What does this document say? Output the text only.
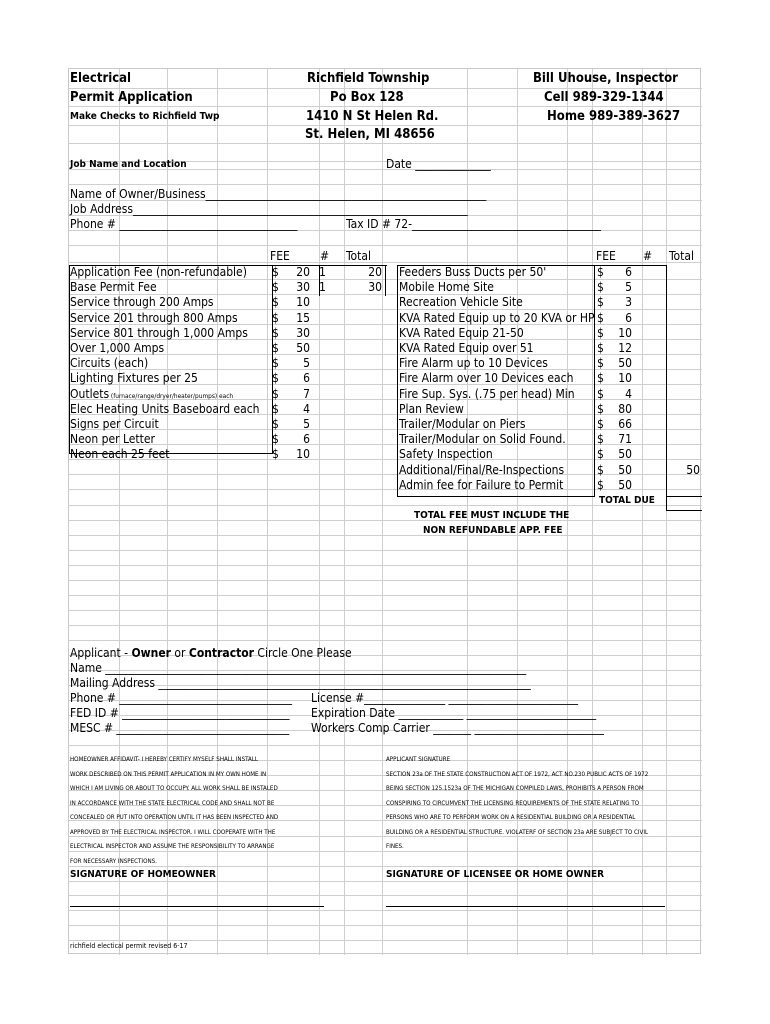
Electrical
Permit Application
Make Checks to Richfield Twp
Richfield Township
Po Box 128
1410 N St Helen Rd.
St. Helen, MI 48656
Bill Uhouse, Inspector
Cell 989-329-1344
Home 989-389-3627
Job Name and Location	Date ______________
Name of Owner/Business____________________________________________________
Job Address______________________________________________________________
Phone # _________________________________	Tax ID # 72-___________________________________
FEE	# Total	FEE # Total
Application Fee (non-refundable) $	20 1	20
Base Permit Fee	$	30 1	30
Service through 200 Amps	$	10
Service 201 through 800 Amps	$	15
Service 801 through 1,000 Amps $	30
Over 1,000 Amps	$	50
Circuits (each)	$	5
Lighting Fixtures per 25	$	6
Outlets (furnace/range/dryer/heater/pumps) each	$	7
Elec Heating Units Baseboard each $	4
Signs per Circuit	$	5
Neon per Letter	$	6
Neon each 25 feet	$	10
Feeders Buss Ducts per 50'	$	6
Mobile Home Site	$	5
Recreation Vehicle Site	$	3
KVA Rated Equip up to 20 KVA or HP $	6
KVA Rated Equip 21-50	$	10
KVA Rated Equip over 51	$	12
Fire Alarm up to 10 Devices	$	50
Fire Alarm over 10 Devices each $	10
Fire Sup. Sys. (.75 per head) Min $	4
Plan Review	$	80
Trailer/Modular on Piers	$	66
Trailer/Modular on Solid Found.	$	71
Safety Inspection	$	50
Additional/Final/Re-Inspections	$	50	50
Admin fee for Failure to Permit	$	50
TOTAL DUE
TOTAL FEE MUST INCLUDE THE
NON REFUNDABLE APP. FEE
Applicant - Owner or Contractor Circle One Please
Name ______________________________________________________________________________
Mailing Address _____________________________________________________________________
Phone # ________________________________ License #_______________ ________________________
FED ID # _______________________________ Expiration Date ____________ ________________________
MESC # ________________________________ Workers Comp Carrier _______ ________________________
HOMEOWNER AFFIDAVIT- I HEREBY CERTIFY MYSELF SHALL INSTALL
WORK DESCRIBED ON THIS PERMIT APPLICATION IN MY OWN HOME IN
WHICH I AM LIVING OR ABOUT TO OCCUPY. ALL WORK SHALL BE INSTALED
IN ACCORDANCE WITH THE STATE ELECTRICAL CODE AND SHALL NOT BE
CONCEALED OR PUT INTO OPERATION UNTIL IT HAS BEEN INSPECTED AND
APPROVED BY THE ELECTRICAL INSPECTOR. I WILL COOPERATE WITH THE
ELECTRICAL INSPECTOR AND ASSUME THE RESPONSIBILITY TO ARRANGE
FOR NECESSARY INSPECTIONS.
APPLICANT SIGNATURE
SECTION 23a OF THE STATE CONSTRUCTION ACT OF 1972, ACT NO.230 PUBLIC ACTS OF 1972
BEING SECTION 125.1523a OF THE MICHIGAN COMPILED LAWS, PROHIBITS A PERSON FROM
CONSPIRING TO CIRCUMVENT THE LICENSING REQUIREMENTS OF THE STATE RELATING TO
PERSONS WHO ARE TO PERFORM WORK ON A RESIDENTIAL BUILDING OR A RESIDENTIAL
BUILDING OR A RESIDENTIAL STRUCTURE. VIOLATERF OF SECTION 23a ARE SUBJECT TO CIVIL
FINES.
SIGNATURE OF HOMEOWNER	SIGNATURE OF LICENSEE OR HOME OWNER
richfield electical permit revised 6-17
